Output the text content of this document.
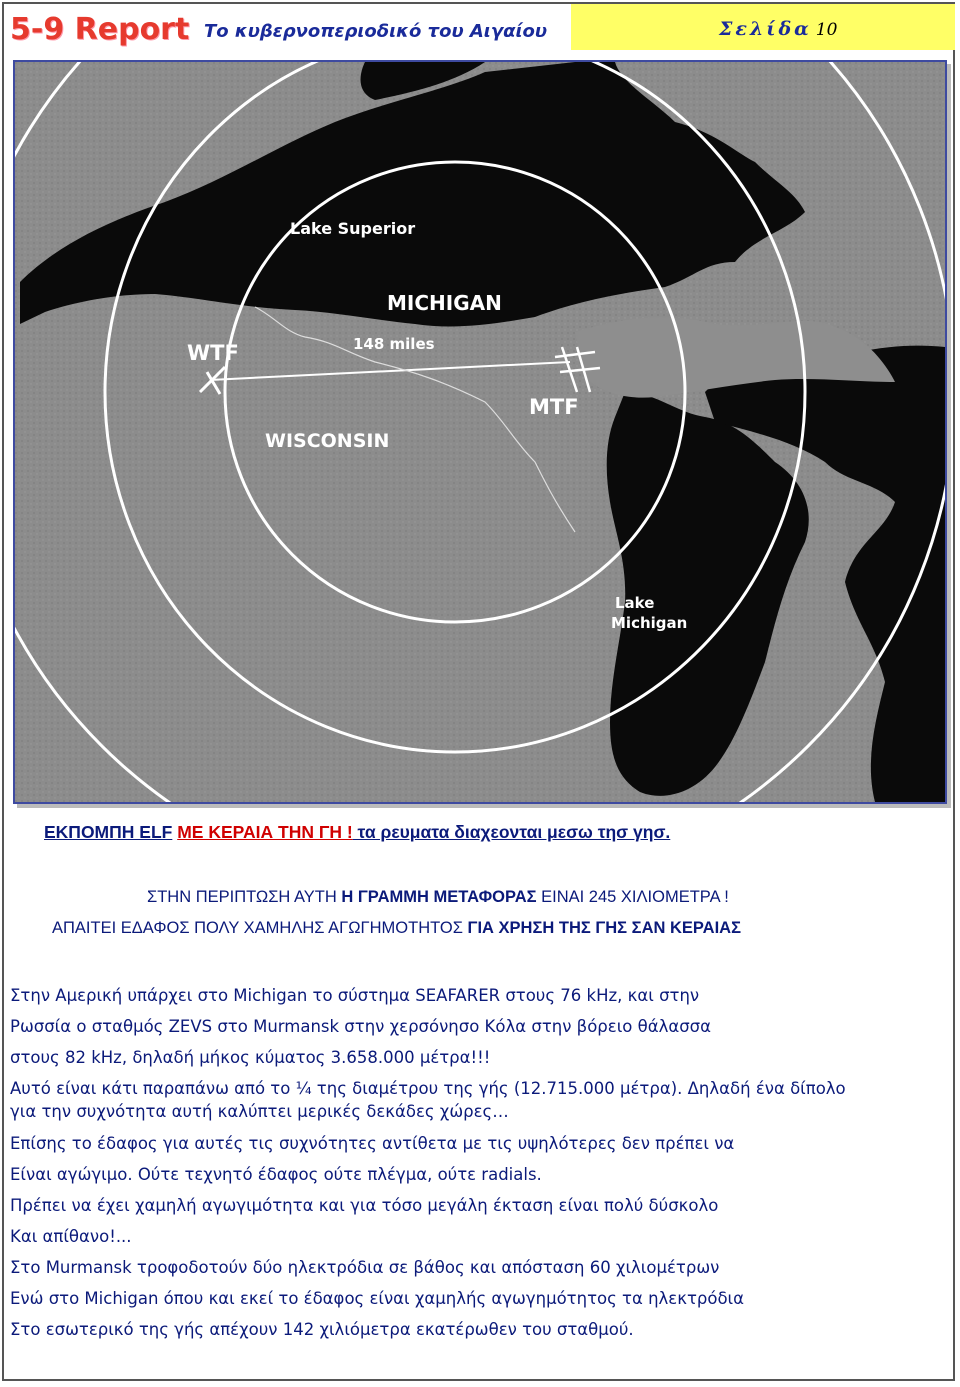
5-9 Report Το κυβερνοπεριοδικό του Αιγαίου	Σελίδα 10
Lake Superior
MICHIGAN
148 miles
WTF
MTF
WISCONSIN
Lake
Michigan
ΕΚΠΟΜΠΗ ELF ΜΕ ΚΕΡΑΙΑ ΤΗΝ ΓΗ ! τα ρευματα διαχεονται μεσω τησ γησ.
ΣΤΗΝ ΠΕΡΙΠΤΩΣΗ ΑΥΤΗ Η ΓΡΑΜΜΗ ΜΕΤΑΦΟΡΑΣ ΕΙΝΑΙ 245 ΧΙΛΙΟΜΕΤΡΑ !
ΑΠΑΙΤΕΙ ΕΔΑΦΟΣ ΠΟΛΥ ΧΑΜΗΛΗΣ ΑΓΩΓΗΜΟΤΗΤΟΣ ΓΙΑ ΧΡΗΣΗ ΤΗΣ ΓΗΣ ΣΑΝ ΚΕΡΑΙΑΣ
Στην Αμερική υπάρχει στο Michigan το σύστημα SEAFARER στους 76 kHz, και στην
Ρωσσία ο σταθμός ZEVS στο Murmansk στην χερσόνησο Κόλα στην βόρειο θάλασσα
στους 82 kHz, δηλαδή μήκος κύματος 3.658.000 μέτρα!!!
Αυτό είναι κάτι παραπάνω από το ¼ της διαμέτρου της γής (12.715.000 μέτρα). Δηλαδή ένα δίπολο
για την συχνότητα αυτή καλύπτει μερικές δεκάδες χώρες…
Επίσης το έδαφος για αυτές τις συχνότητες αντίθετα με τις υψηλότερες δεν πρέπει να
Είναι αγώγιμο. Ούτε τεχνητό έδαφος ούτε πλέγμα, ούτε radials.
Πρέπει να έχει χαμηλή αγωγιμότητα και για τόσο μεγάλη έκταση είναι πολύ δύσκολο
Και απίθανο!...
Στο Murmansk τροφοδοτούν δύο ηλεκτρόδια σε βάθος και απόσταση 60 χιλιομέτρων
Ενώ στο Michigan όπου και εκεί το έδαφος είναι χαμηλής αγωγημότητος τα ηλεκτρόδια
Στο εσωτερικό της γής απέχουν 142 χιλιόμετρα εκατέρωθεν του σταθμού.
